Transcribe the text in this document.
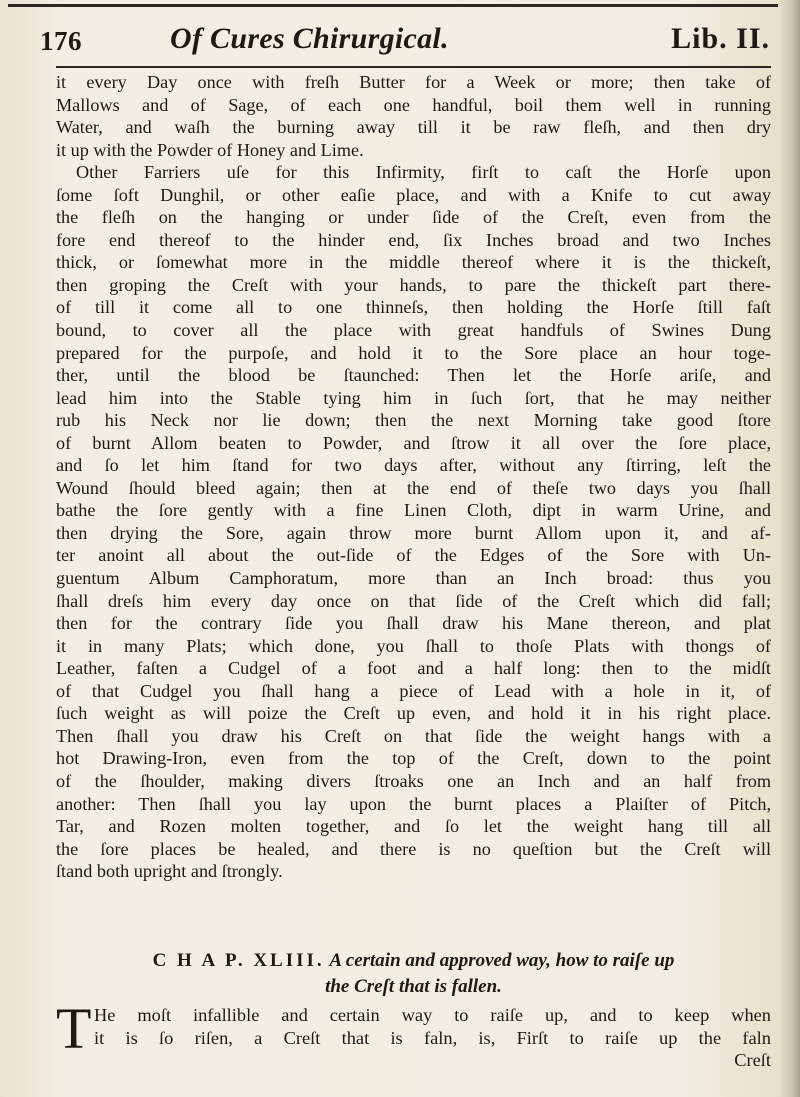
176	Of Cures Chirurgical.	Lib. II.
it every Day once with freſh Butter for a Week or more; then take of
Mallows and of Sage, of each one handful, boil them well in running
Water, and waſh the burning away till it be raw fleſh, and then dry
it up with the Powder of Honey and Lime.
Other Farriers uſe for this Infirmity, firſt to caſt the Horſe upon
ſome ſoft Dunghil, or other eaſie place, and with a Knife to cut away
the fleſh on the hanging or under ſide of the Creſt, even from the
fore end thereof to the hinder end, ſix Inches broad and two Inches
thick, or ſomewhat more in the middle thereof where it is the thickeſt,
then groping the Creſt with your hands, to pare the thickeſt part there-
of till it come all to one thinneſs, then holding the Horſe ſtill faſt
bound, to cover all the place with great handfuls of Swines Dung
prepared for the purpoſe, and hold it to the Sore place an hour toge-
ther, until the blood be ſtaunched: Then let the Horſe ariſe, and
lead him into the Stable tying him in ſuch ſort, that he may neither
rub his Neck nor lie down; then the next Morning take good ſtore
of burnt Allom beaten to Powder, and ſtrow it all over the ſore place,
and ſo let him ſtand for two days after, without any ſtirring, leſt the
Wound ſhould bleed again; then at the end of theſe two days you ſhall
bathe the ſore gently with a fine Linen Cloth, dipt in warm Urine, and
then drying the Sore, again throw more burnt Allom upon it, and af-
ter anoint all about the out-ſide of the Edges of the Sore with Un-
guentum Album Camphoratum, more than an Inch broad: thus you
ſhall dreſs him every day once on that ſide of the Creſt which did fall;
then for the contrary ſide you ſhall draw his Mane thereon, and plat
it in many Plats; which done, you ſhall to thoſe Plats with thongs of
Leather, faſten a Cudgel of a foot and a half long: then to the midſt
of that Cudgel you ſhall hang a piece of Lead with a hole in it, of
ſuch weight as will poize the Creſt up even, and hold it in his right place.
Then ſhall you draw his Creſt on that ſide the weight hangs with a
hot Drawing-Iron, even from the top of the Creſt, down to the point
of the ſhoulder, making divers ſtroaks one an Inch and an half from
another: Then ſhall you lay upon the burnt places a Plaiſter of Pitch,
Tar, and Rozen molten together, and ſo let the weight hang till all
the ſore places be healed, and there is no queſtion but the Creſt will
ſtand both upright and ſtrongly.
C H A P. XLIII. A certain and approved way, how to raiſe up
the Creſt that is fallen.
T He moſt infallible and certain way to raiſe up, and to keep when
it is ſo riſen, a Creſt that is faln, is, Firſt to raiſe up the faln
Creſt
